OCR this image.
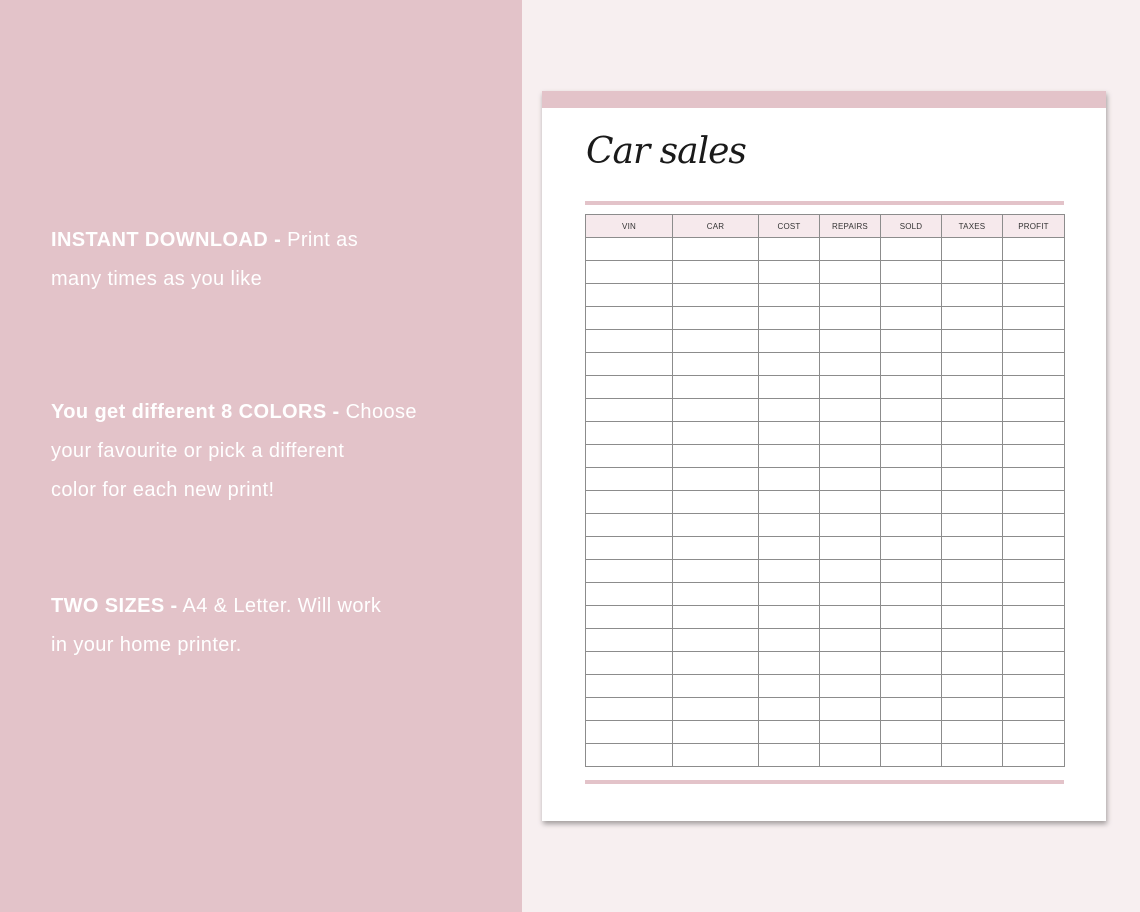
INSTANT DOWNLOAD - Print as
many times as you like
You get different 8 COLORS - Choose
your favourite or pick a different
color for each new print!
TWO SIZES - A4 & Letter. Will work
in your home printer.
Car sales
VIN	CAR	COST	REPAIRS	SOLD	TAXES	PROFIT
